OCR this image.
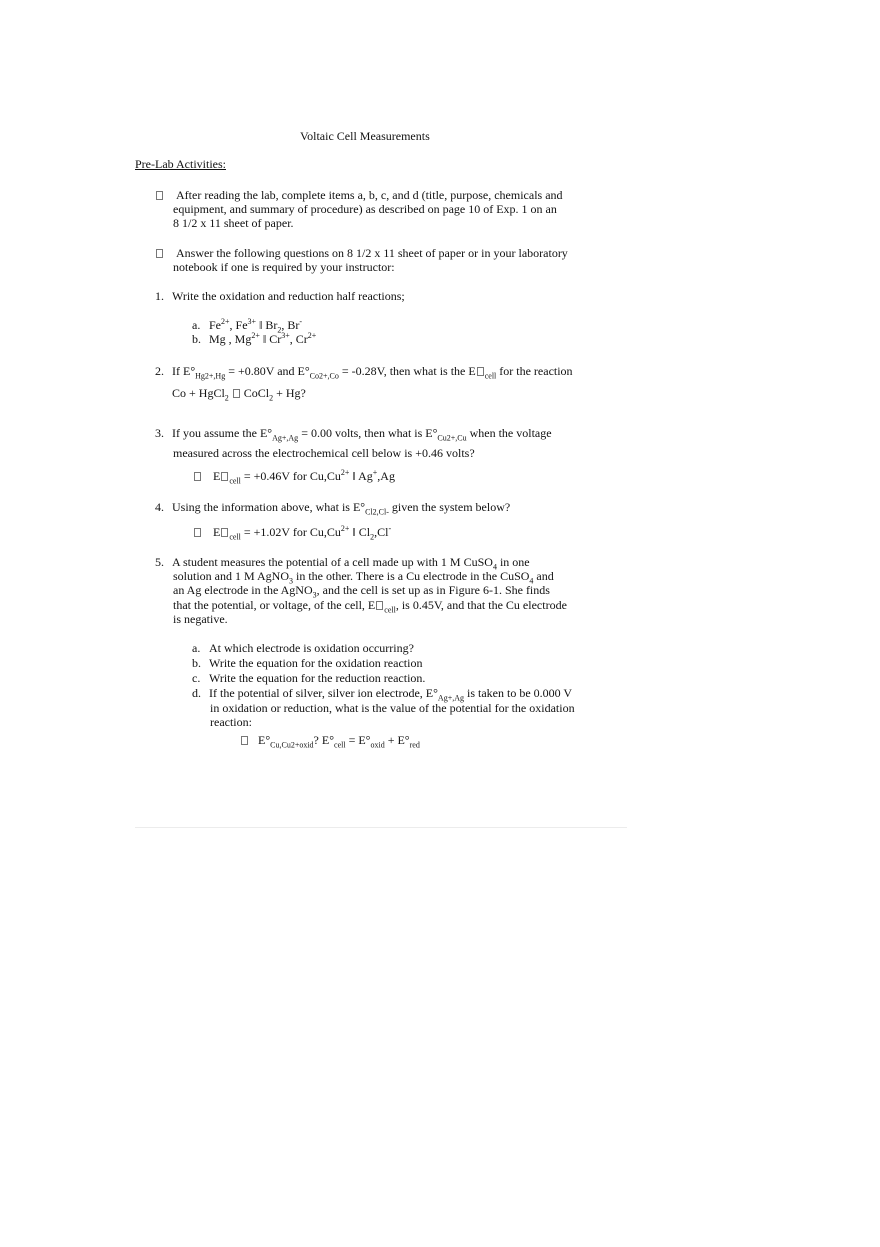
Voltaic Cell Measurements
Pre-Lab Activities:
After reading the lab, complete items a, b, c, and d (title, purpose, chemicals and
equipment, and summary of procedure) as described on page 10 of Exp. 1 on an
8 1/2 x 11 sheet of paper.
Answer the following questions on 8 1/2 x 11 sheet of paper or in your laboratory
notebook if one is required by your instructor:
1. Write the oxidation and reduction half reactions;
a. $Fe^{2+}$, $Fe^{3+}$ ‖ $Br_2$, Br-
b. Mg , $Mg^{2+}$ ‖ $Cr^{3+}$, $Cr^{2+}$
2. If $E^\circ_{Hg2+,Hg} = +0.80V$ and $E^\circ_{Co2+,Co} = -0.28V$, then what is the E $_{cell}$ for the reaction
Co + HgCl$_2$  CoCl$_2$ + Hg?
3. If you assume the $E^\circ_{Ag+,Ag} = 0.00$ volts, then what is $E^\circ_{Cu2+,Cu}$ when the voltage
measured across the electrochemical cell below is +0.46 volts?
E $_{cell}$ = +0.46V for $Cu,Cu^{2+}$ ‖ Ag+,Ag
4. Using the information above, what is $E^\circ_{Cl2,Cl-}$ given the system below?
E $_{cell}$ = +1.02V for $Cu,Cu^{2+}$ ‖ $Cl_2,Cl^-$
5. A student measures the potential of a cell made up with 1 M CuSO$_4$ in one
solution and 1 M AgNO$_3$ in the other. There is a Cu electrode in the CuSO$_4$ and
an Ag electrode in the AgNO$_3$, and the cell is set up as in Figure 6-1. She finds
that the potential, or voltage, of the cell, E $_{cell}$, is 0.45V, and that the Cu electrode
is negative.
a. At which electrode is oxidation occurring?
b. Write the equation for the oxidation reaction
c. Write the equation for the reduction reaction.
d. If the potential of silver, silver ion electrode, $E^\circ_{Ag+,Ag}$ is taken to be 0.000 V
in oxidation or reduction, what is the value of the potential for the oxidation
reaction:
$E^\circ_{Cu,Cu2+oxid}$? $E^\circ_{cell} = E^\circ_{oxid} + E^\circ_{red}$
